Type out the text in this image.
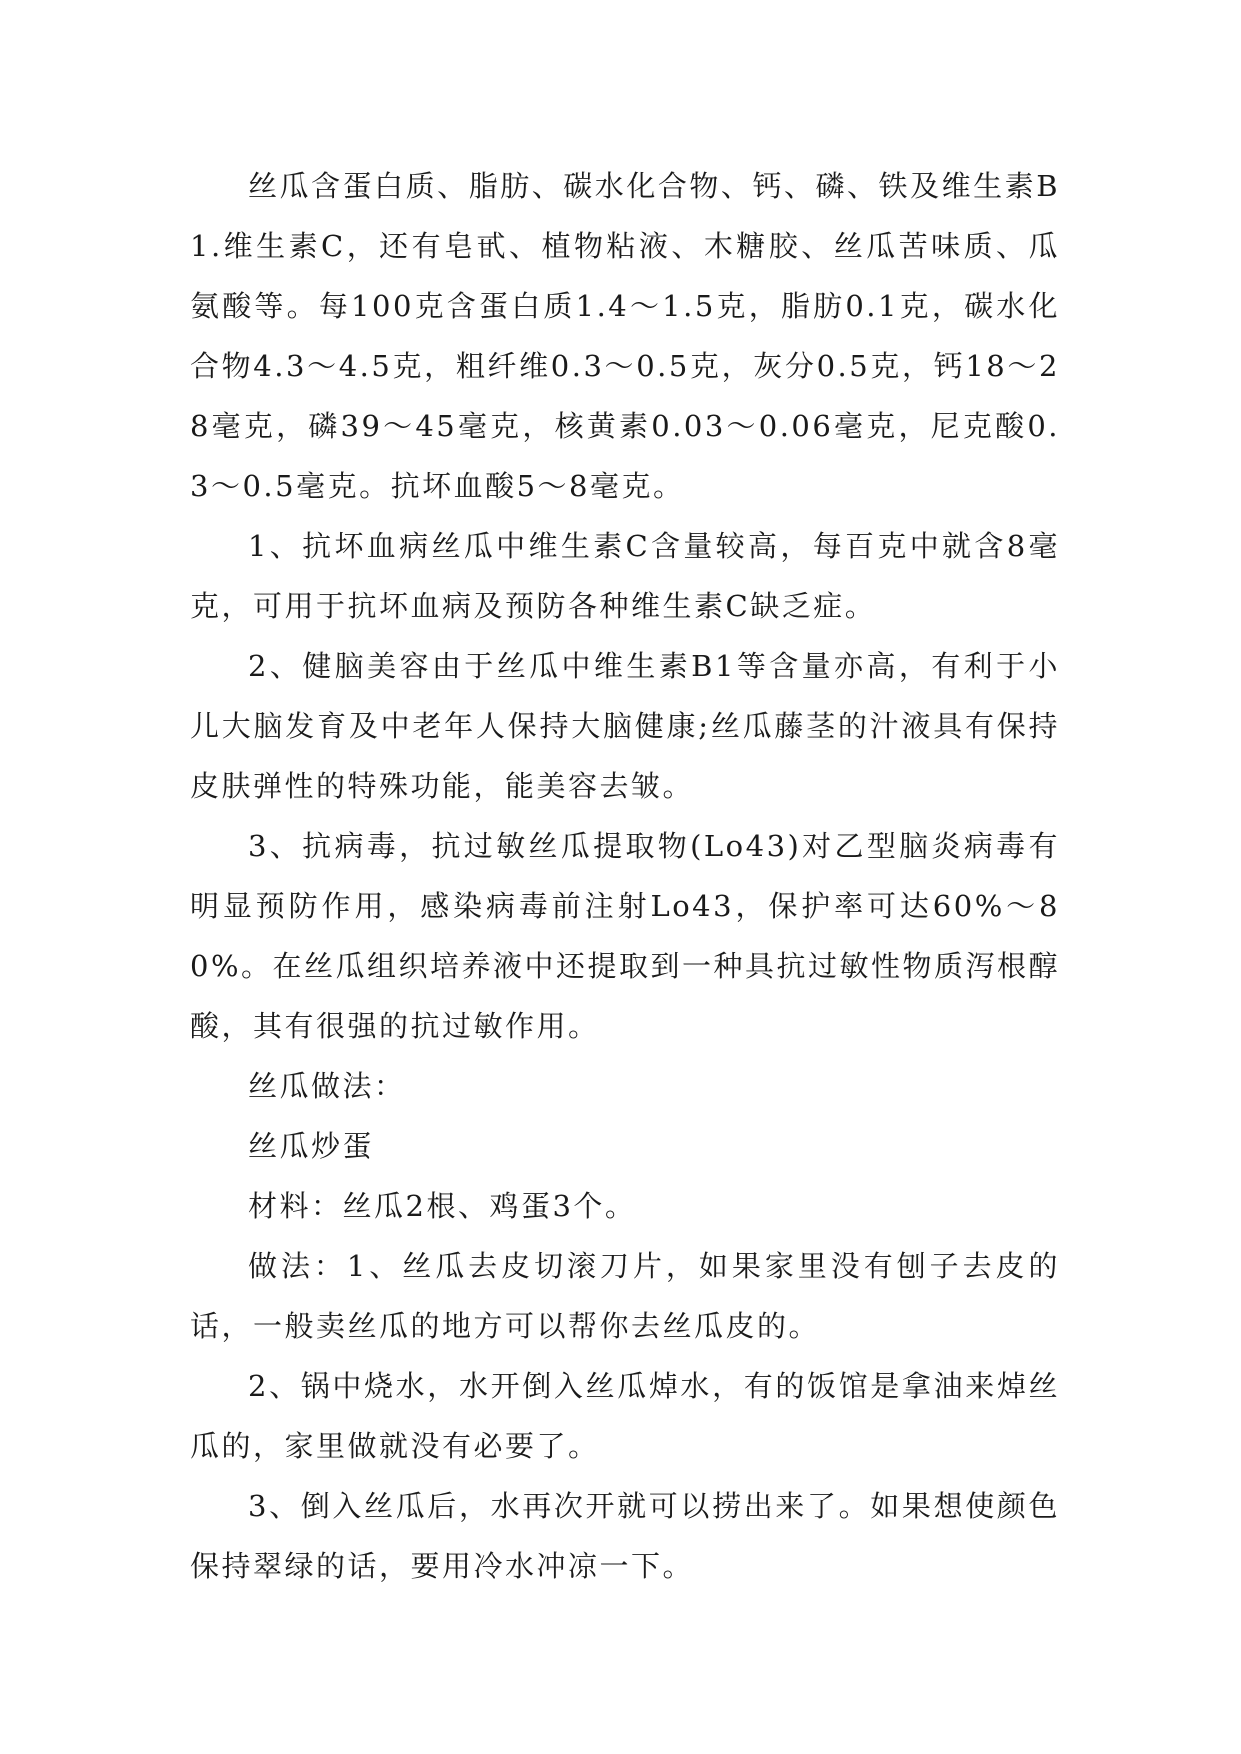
丝瓜含蛋白质、脂肪、碳水化合物、钙、磷、铁及维生素B1.维生素C，还有皂甙、植物粘液、木糖胶、丝瓜苦味质、瓜氨酸等。每100克含蛋白质1.4～1.5克，脂肪0.1克，碳水化合物4.3～4.5克，粗纤维0.3～0.5克，灰分0.5克，钙18～28毫克，磷39～45毫克，核黄素0.03～0.06毫克，尼克酸0.3～0.5毫克。抗坏血酸5～8毫克。

1、抗坏血病丝瓜中维生素C含量较高，每百克中就含8毫克，可用于抗坏血病及预防各种维生素C缺乏症。

2、健脑美容由于丝瓜中维生素B1等含量亦高，有利于小儿大脑发育及中老年人保持大脑健康;丝瓜藤茎的汁液具有保持皮肤弹性的特殊功能，能美容去皱。

3、抗病毒，抗过敏丝瓜提取物(Lo43)对乙型脑炎病毒有明显预防作用，感染病毒前注射Lo43，保护率可达60%～80%。在丝瓜组织培养液中还提取到一种具抗过敏性物质泻根醇酸，其有很强的抗过敏作用。

丝瓜做法：

丝瓜炒蛋

材料：丝瓜2根、鸡蛋3个。

做法：1、丝瓜去皮切滚刀片，如果家里没有刨子去皮的话，一般卖丝瓜的地方可以帮你去丝瓜皮的。

2、锅中烧水，水开倒入丝瓜焯水，有的饭馆是拿油来焯丝瓜的，家里做就没有必要了。

3、倒入丝瓜后，水再次开就可以捞出来了。如果想使颜色保持翠绿的话，要用冷水冲凉一下。
